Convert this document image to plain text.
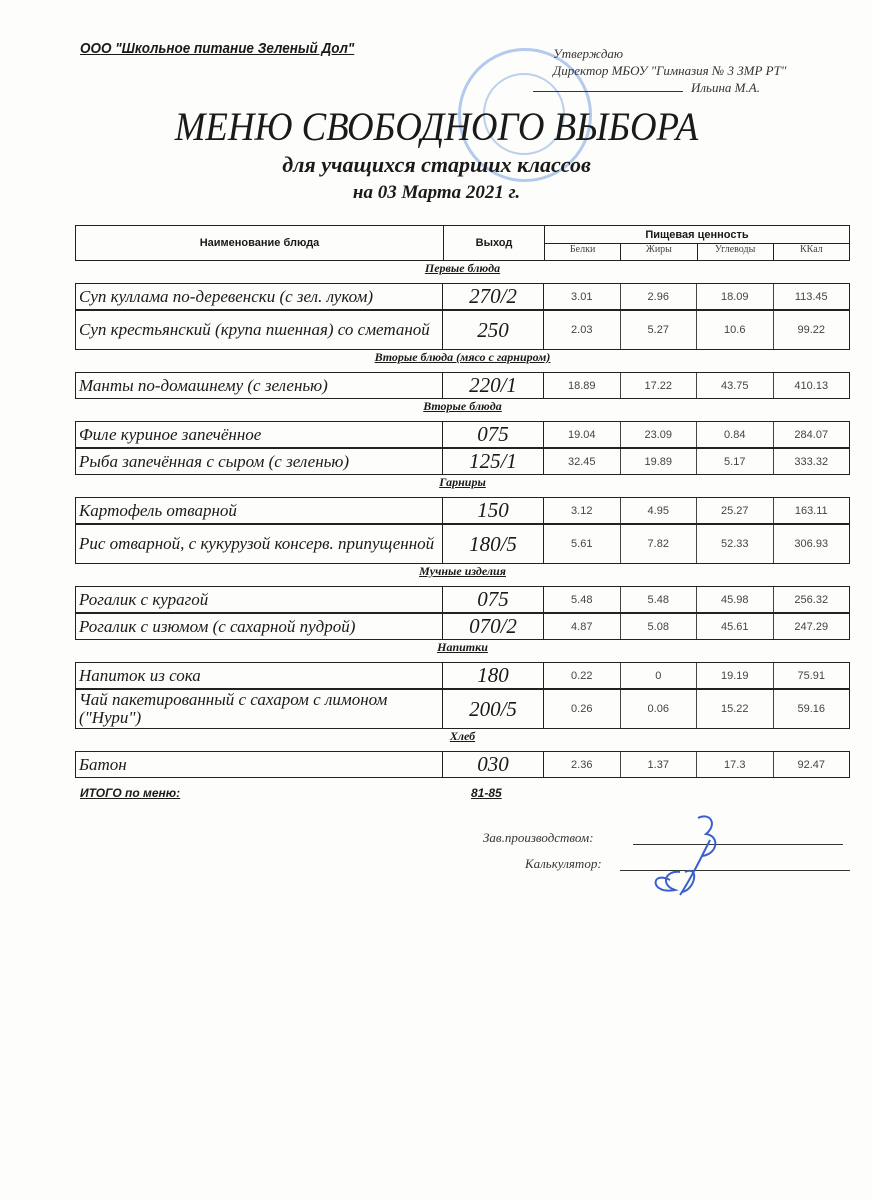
ООО "Школьное питание Зеленый Дол"	Утверждаю
Директор МБОУ "Гимназия № 3 ЗМР РТ"
Ильина М.А.
МЕНЮ СВОБОДНОГО ВЫБОРА
для учащихся старших классов
на 03 Марта 2021 г.
Наименование блюда	Выход
Пищевая ценность
Белки	Жиры	Углеводы	ККал
Первые блюда
Суп куллама по-деревенски (с зел. луком)	270/2	3.01	2.96	18.09	113.45
Суп крестьянский (крупа пшенная) со сметаной	250	2.03	5.27	10.6	99.22
Вторые блюда (мясо с гарниром)
Манты по-домашнему (с зеленью)	220/1	18.89	17.22	43.75	410.13
Вторые блюда
Филе куриное запечённое	075	19.04	23.09	0.84	284.07
Рыба запечённая с сыром (с зеленью)	125/1	32.45	19.89	5.17	333.32
Гарниры
Картофель отварной	150	3.12	4.95	25.27	163.11
Рис отварной, с кукурузой консерв. припущенной	180/5	5.61	7.82	52.33	306.93
Мучные изделия
Рогалик с курагой	075	5.48	5.48	45.98	256.32
Рогалик с изюмом (с сахарной пудрой)	070/2	4.87	5.08	45.61	247.29
Напитки
Напиток из сока	180	0.22	0	19.19	75.91
Чай пакетированный с сахаром с лимоном ("Нури")	200/5	0.26	0.06	15.22	59.16
Хлеб
Батон	030	2.36	1.37	17.3	92.47
ИТОГО по меню:	81-85
Зав.производством:
Калькулятор:
